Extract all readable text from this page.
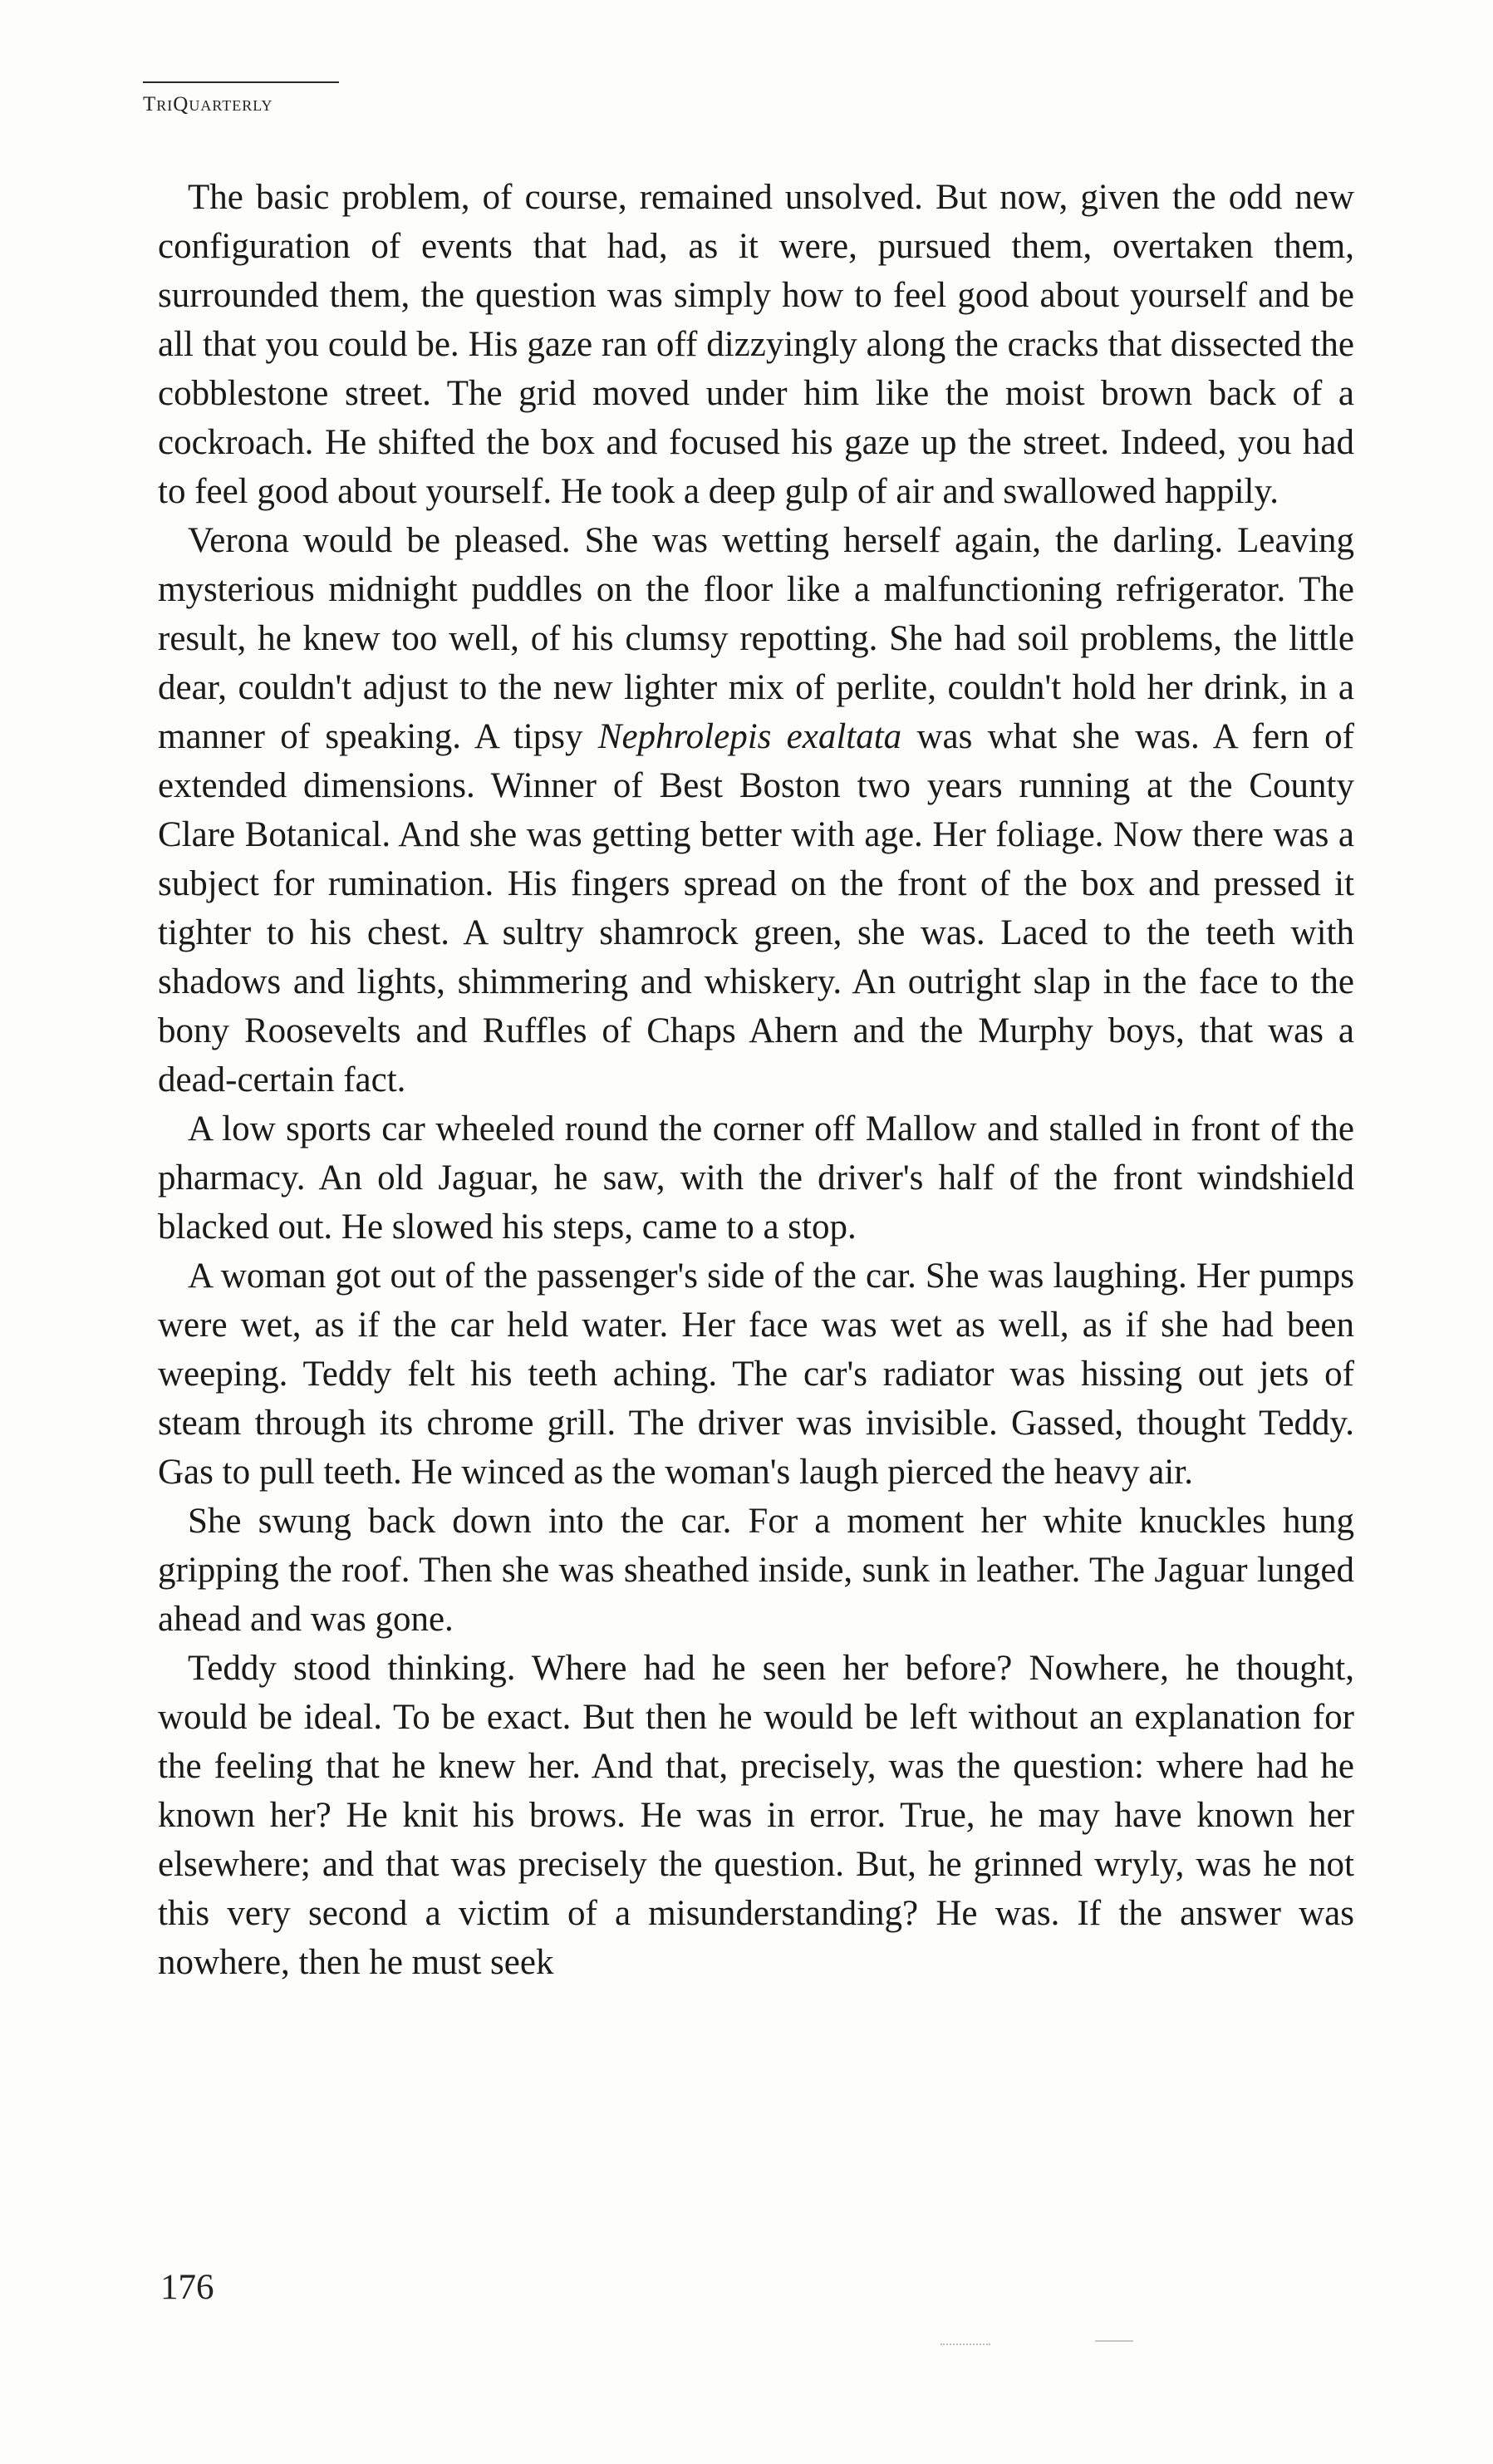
TriQuarterly

The basic problem, of course, remained unsolved. But now, given the odd new configuration of events that had, as it were, pursued them, overtaken them, surrounded them, the question was simply how to feel good about yourself and be all that you could be. His gaze ran off dizzyingly along the cracks that dissected the cobblestone street. The grid moved under him like the moist brown back of a cockroach. He shifted the box and focused his gaze up the street. Indeed, you had to feel good about yourself. He took a deep gulp of air and swallowed happily.

Verona would be pleased. She was wetting herself again, the darling. Leaving mysterious midnight puddles on the floor like a malfunctioning refrigerator. The result, he knew too well, of his clumsy repotting. She had soil problems, the little dear, couldn't adjust to the new lighter mix of perlite, couldn't hold her drink, in a manner of speaking. A tipsy Nephrolepis exaltata was what she was. A fern of extended dimensions. Winner of Best Boston two years running at the County Clare Botanical. And she was getting better with age. Her foliage. Now there was a subject for rumination. His fingers spread on the front of the box and pressed it tighter to his chest. A sultry shamrock green, she was. Laced to the teeth with shadows and lights, shimmering and whiskery. An outright slap in the face to the bony Roosevelts and Ruffles of Chaps Ahern and the Murphy boys, that was a dead-certain fact.

A low sports car wheeled round the corner off Mallow and stalled in front of the pharmacy. An old Jaguar, he saw, with the driver's half of the front windshield blacked out. He slowed his steps, came to a stop.

A woman got out of the passenger's side of the car. She was laughing. Her pumps were wet, as if the car held water. Her face was wet as well, as if she had been weeping. Teddy felt his teeth aching. The car's radiator was hissing out jets of steam through its chrome grill. The driver was invisible. Gassed, thought Teddy. Gas to pull teeth. He winced as the woman's laugh pierced the heavy air.

She swung back down into the car. For a moment her white knuckles hung gripping the roof. Then she was sheathed inside, sunk in leather. The Jaguar lunged ahead and was gone.

Teddy stood thinking. Where had he seen her before? Nowhere, he thought, would be ideal. To be exact. But then he would be left without an explanation for the feeling that he knew her. And that, precisely, was the question: where had he known her? He knit his brows. He was in error. True, he may have known her elsewhere; and that was precisely the question. But, he grinned wryly, was he not this very second a victim of a misunderstanding? He was. If the answer was nowhere, then he must seek

176
